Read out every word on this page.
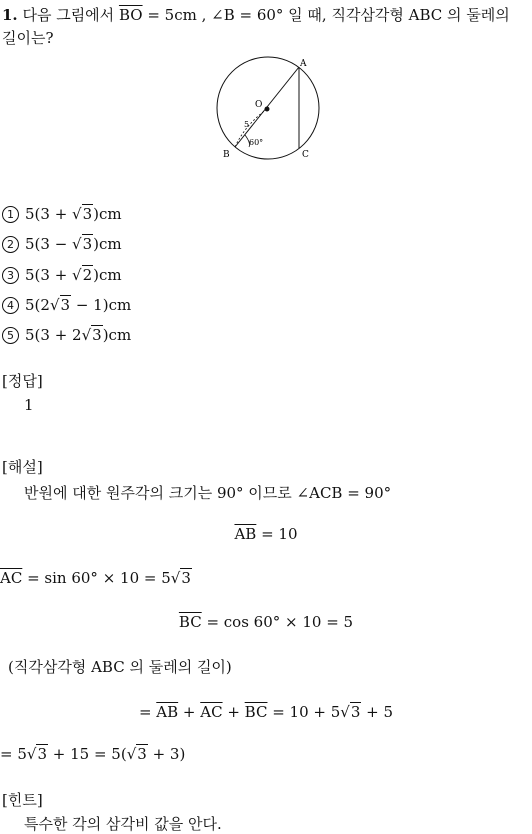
1. 다음 그림에서 $\overline{BO} = 5cm$ , ∠B = 60° 일 때, 직각삼각형 ABC 의 둘레의
길이는?
A
B	C
O
5
60°
1 5(3 + √3)cm
2 5(3 − √3)cm
3 5(3 + √2)cm
4 5(2√3 − 1)cm
5 5(3 + 2√3)cm
[정답]
1
[해설]
반원에 대한 원주각의 크기는 90° 이므로 ∠ACB = 90°
$\overline{AB} = 10$
$\overline{AC} = \sin 60^\circ \times 10 = 5√3$
$\overline{BC} = \cos 60^\circ \times 10 = 5$
(직각삼각형 ABC 의 둘레의 길이)
= $\overline{AB} + \overline{AC} + \overline{BC} = 10 + 5√3 + 5$
= 5√3 + 15 = 5(√3 + 3)
[힌트]
특수한 각의 삼각비 값을 안다.
